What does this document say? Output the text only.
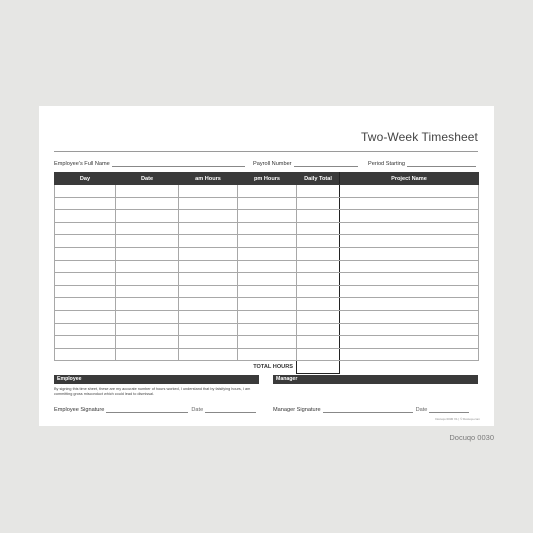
Two-Week Timesheet
Employee's Full Name	Payroll Number	Period Starting
Day	Date	am Hours	pm Hours	Daily Total	Project Name

TOTAL HOURS					
Employee	Manager
By signing this time sheet, these are my accurate number of hours worked, I understand that by falsifying hours, I am committing gross misconduct which could lead to dismissal.
Employee Signature	Date	Manager Signature	Date
Docuqo 0030 V1 | © Docuqo.com
Docuqo 0030
